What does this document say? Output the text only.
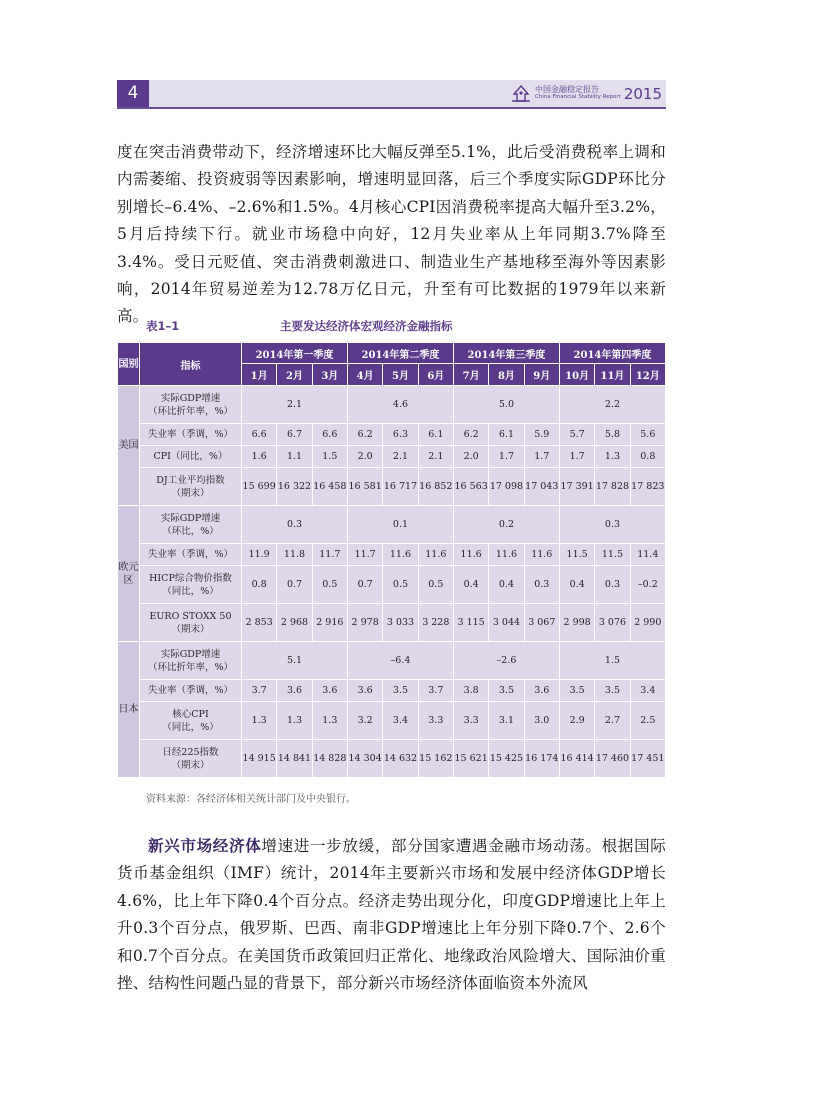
4	中国金融稳定报告
China Financial Stability Report 2015

度在突击消费带动下，经济增速环比大幅反弹至5.1%，此后受消费税率上调和内需萎缩、投资疲弱等因素影响，增速明显回落，后三个季度实际GDP环比分别增长–6.4%、–2.6%和1.5%。4月核心CPI因消费税率提高大幅升至3.2%，5月后持续下行。就业市场稳中向好，12月失业率从上年同期3.7%降至3.4%。受日元贬值、突击消费刺激进口、制造业生产基地移至海外等因素影响，2014年贸易逆差为12.78万亿日元，升至有可比数据的1979年以来新高。

表1–1	主要发达经济体宏观经济金融指标
国别	指标	2014年第一季度			2014年第二季度			2014年第三季度			2014年第四季度		
		1月	2月	3月	4月	5月	6月	7月	8月	9月	10月	11月	12月
美国	实际GDP增速
（环比折年率，%）	2.1			4.6			5.0			2.2		
	失业率（季调，%）	6.6	6.7	6.6	6.2	6.3	6.1	6.2	6.1	5.9	5.7	5.8	5.6
	CPI（同比，%）	1.6	1.1	1.5	2.0	2.1	2.1	2.0	1.7	1.7	1.7	1.3	0.8
	DJ工业平均指数
（期末）	15 699	16 322	16 458	16 581	16 717	16 852	16 563	17 098	17 043	17 391	17 828	17 823
欧元区	实际GDP增速
（环比，%）	0.3			0.1			0.2			0.3		
	失业率（季调，%）	11.9	11.8	11.7	11.7	11.6	11.6	11.6	11.6	11.6	11.5	11.5	11.4
	HICP综合物价指数
（同比，%）	0.8	0.7	0.5	0.7	0.5	0.5	0.4	0.4	0.3	0.4	0.3	–0.2
	EURO STOXX 50
（期末）	2 853	2 968	2 916	2 978	3 033	3 228	3 115	3 044	3 067	2 998	3 076	2 990
日本	实际GDP增速
（环比折年率，%）	5.1			–6.4			–2.6			1.5		
	失业率（季调，%）	3.7	3.6	3.6	3.6	3.5	3.7	3.8	3.5	3.6	3.5	3.5	3.4
	核心CPI
（同比，%）	1.3	1.3	1.3	3.2	3.4	3.3	3.3	3.1	3.0	2.9	2.7	2.5
	日经225指数
（期末）	14 915	14 841	14 828	14 304	14 632	15 162	15 621	15 425	16 174	16 414	17 460	17 451
资料来源：各经济体相关统计部门及中央银行。

新兴市场经济体增速进一步放缓，部分国家遭遇金融市场动荡。根据国际货币基金组织（IMF）统计，2014年主要新兴市场和发展中经济体GDP增长4.6%，比上年下降0.4个百分点。经济走势出现分化，印度GDP增速比上年上升0.3个百分点，俄罗斯、巴西、南非GDP增速比上年分别下降0.7个、2.6个和0.7个百分点。在美国货币政策回归正常化、地缘政治风险增大、国际油价重挫、结构性问题凸显的背景下，部分新兴市场经济体面临资本外流风
